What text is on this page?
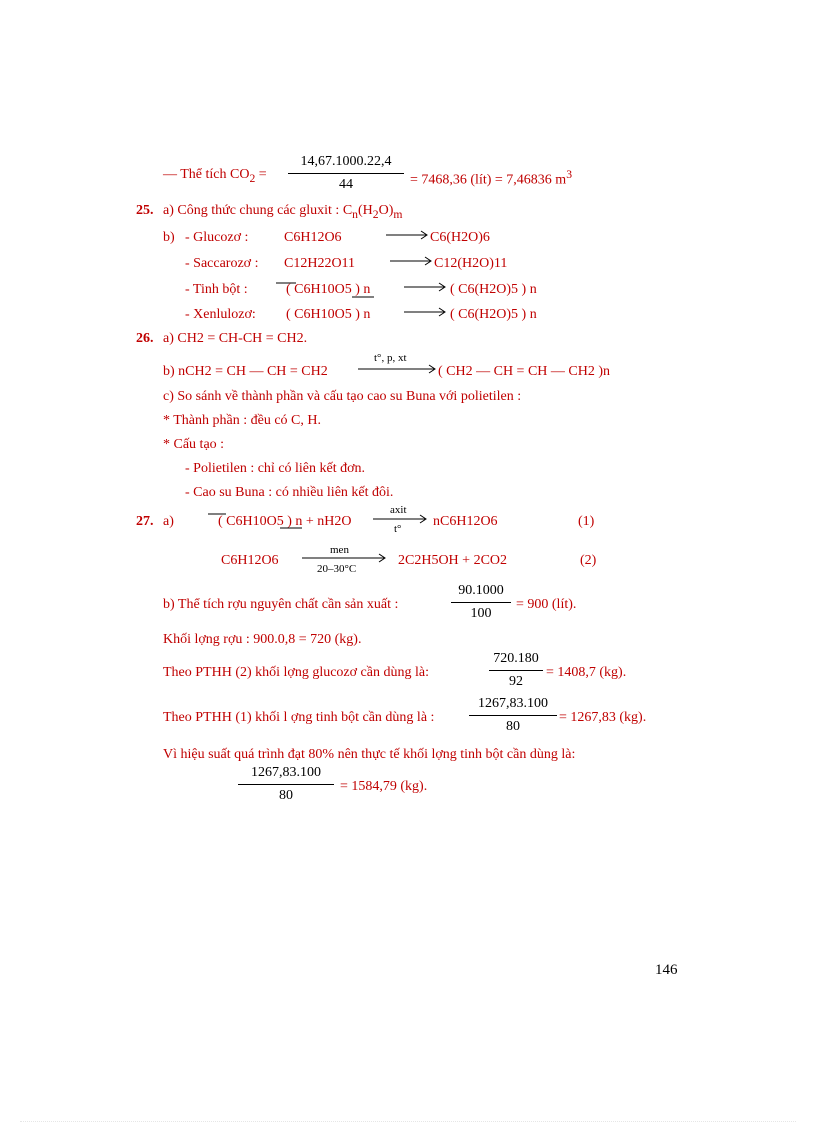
— Thể tích $CO_2$ =
14,67.1000.22,4
44	= 7468,36 (lít) = 7,46836 $m^3$
25. a) Công thức chung các gluxit : $C_n(H_2O)_m$
b) - Glucozơ :	C6H12O6	C6(H2O)6
- Saccarozơ : C12H22O11	C12(H2O)11
- Tinh bột :	( C6H10O5 ) n	( C6(H2O)5 ) n
- Xenlulozơ: ( C6H10O5 ) n	( C6(H2O)5 ) n
26. a) CH2 = CH-CH = CH2.
b) nCH2 = CH — CH = CH2
t°, p, xt
( CH2 — CH = CH — CH2 )n
c) So sánh về thành phần và cấu tạo cao su Buna với polietilen :
* Thành phần : đều có C, H.
* Cấu tạo :
- Polietilen : chỉ có liên kết đơn.
- Cao su Buna : có nhiều liên kết đôi.
27. a)	( C6H10O5 ) n + nH2O
axit
t° nC6H12O6	(1)
C6H12O6
men
20–30°C
2C2H5OH + 2CO2	(2)
b) Thể tích rợu nguyên chất cần sản xuất :
90.1000
100
= 900 (lít).
Khối lợng rợu : 900.0,8 = 720 (kg).
Theo PTHH (2) khối lợng glucozơ cần dùng là:
720.180
92
= 1408,7 (kg).
Theo PTHH (1) khối l ợng tinh bột cần dùng là :
1267,83.100
80
= 1267,83 (kg).
Vì hiệu suất quá trình đạt 80% nên thực tế khối lợng tinh bột cần dùng là:
1267,83.100
80
= 1584,79 (kg).
146
